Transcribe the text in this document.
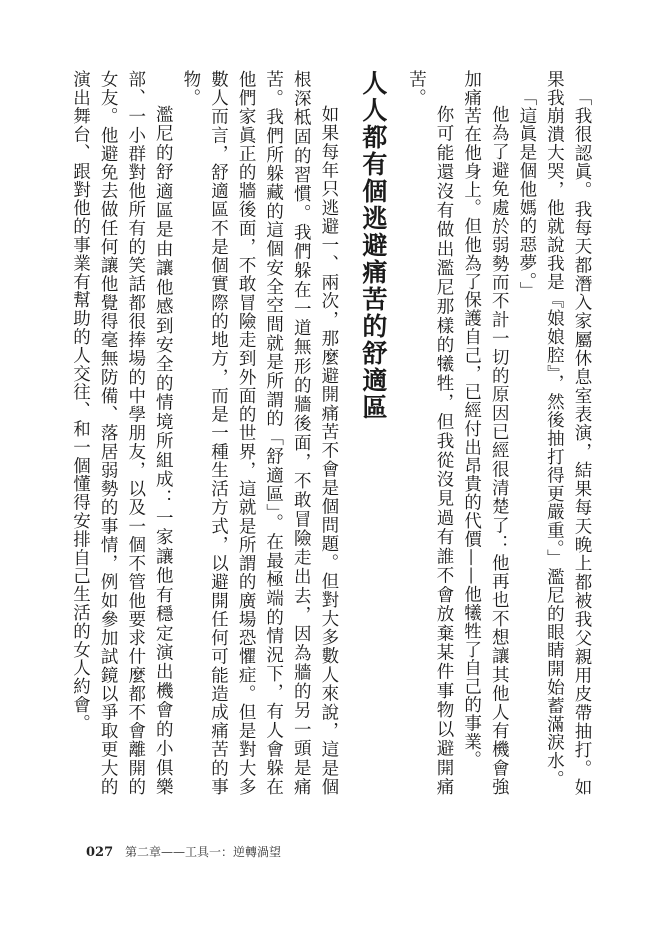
「我很認眞。我每天都潛入家屬休息室表演，結果每天晚上都被我父親用皮帶抽打。如果我崩潰大哭，他就說我是『娘娘腔』，然後抽打得更嚴重。」濫尼的眼睛開始蓄滿淚水。

「這眞是個他媽的惡夢。」

他為了避免處於弱勢而不計一切的原因已經很清楚了：他再也不想讓其他人有機會強加痛苦在他身上。但他為了保護自己，已經付出昂貴的代價——他犧牲了自己的事業。

你可能還沒有做出濫尼那樣的犧牲，但我從沒見過有誰不會放棄某件事物以避開痛苦。

人人都有個逃避痛苦的舒適區

如果每年只逃避一、兩次，那麼避開痛苦不會是個問題。但對大多數人來說，這是個根深柢固的習慣。我們躲在一道無形的牆後面，不敢冒險走出去，因為牆的另一頭是痛苦。我們所躲藏的這個安全空間就是所謂的「舒適區」。在最極端的情況下，有人會躲在他們家眞正的牆後面，不敢冒險走到外面的世界，這就是所謂的廣場恐懼症。但是對大多數人而言，舒適區不是個實際的地方，而是一種生活方式，以避開任何可能造成痛苦的事物。

濫尼的舒適區是由讓他感到安全的情境所組成：一家讓他有穩定演出機會的小俱樂部、一小群對他所有的笑話都很捧場的中學朋友，以及一個不管他要求什麼都不會離開的女友。他避免去做任何讓他覺得毫無防備、落居弱勢的事情，例如參加試鏡以爭取更大的演出舞台、跟對他的事業有幫助的人交往、和一個懂得安排自己生活的女人約會。

027 第二章——工具一：逆轉渦望
